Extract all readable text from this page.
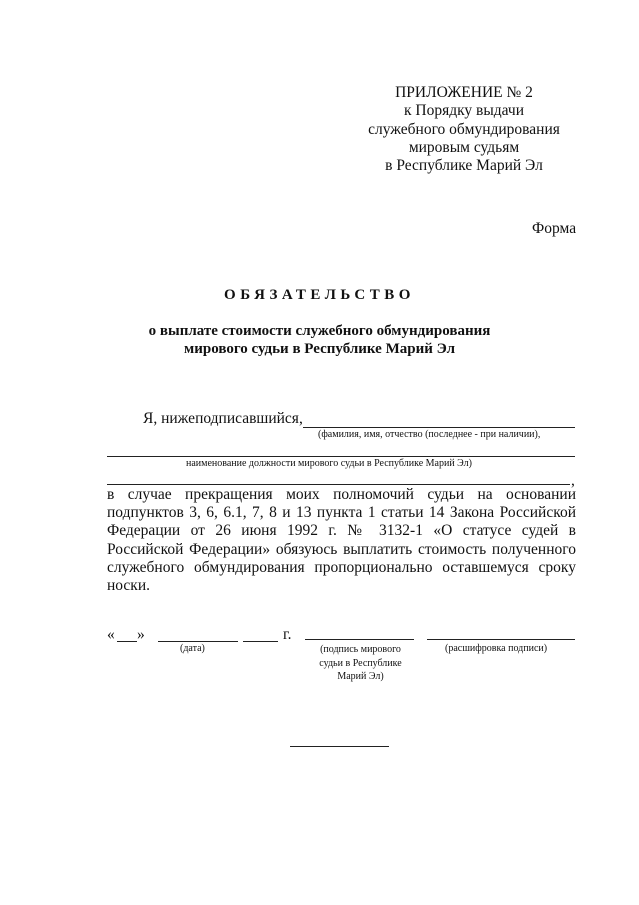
ПРИЛОЖЕНИЕ № 2
к Порядку выдачи
служебного обмундирования
мировым судьям
в Республике Марий Эл
Форма
ОБЯЗАТЕЛЬСТВО
о выплате стоимости служебного обмундирования
мирового судьи в Республике Марий Эл
Я, нижеподписавшийся,
(фамилия, имя, отчество (последнее - при наличии),
наименование должности мирового судьи в Республике Марий Эл)
,
в случае прекращения моих полномочий судьи на основании подпунктов 3, 6, 6.1, 7, 8 и 13 пункта 1 статьи 14 Закона Российской Федерации от 26 июня 1992 г. № 3132-1 «О статусе судей в Российской Федерации» обязуюсь выплатить стоимость полученного служебного обмундирования пропорционально оставшемуся сроку носки.
« »	г.
(дата)	(подпись мирового
судьи в Республике
Марий Эл)
(расшифровка подписи)
